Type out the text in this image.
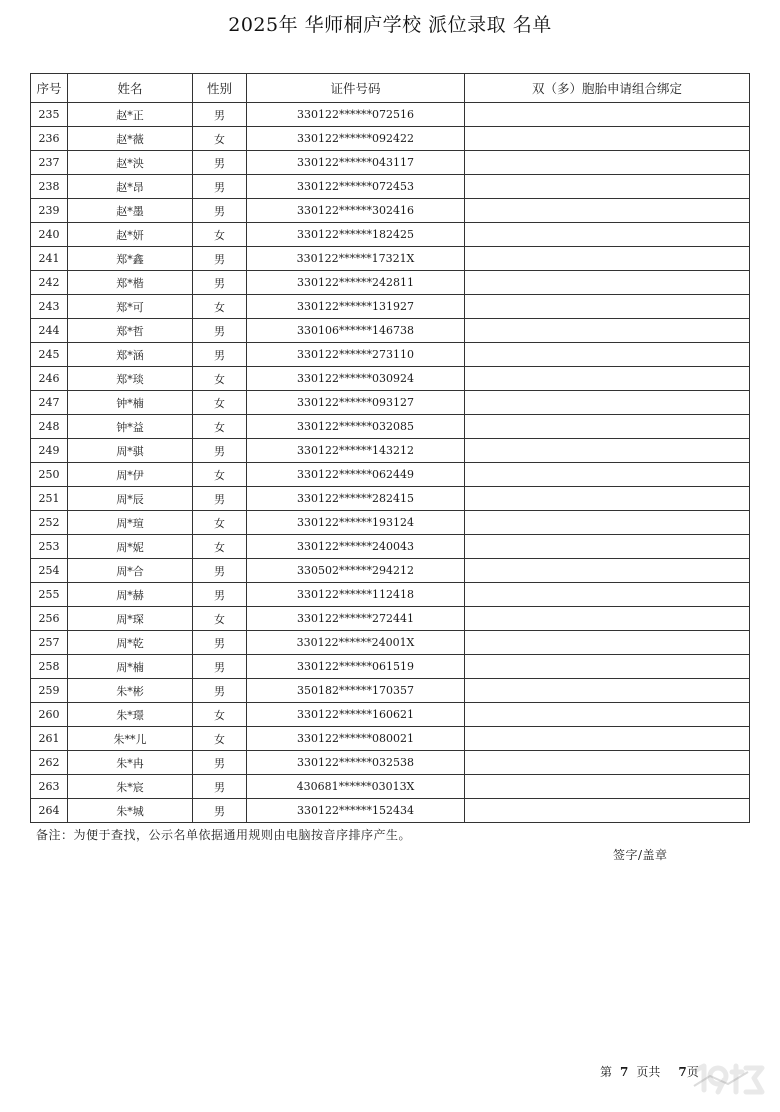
2025年 华师桐庐学校 派位录取 名单
序号	姓名	性别	证件号码	双（多）胞胎申请组合绑定
235	赵*正	男	330122******072516	
236	赵*薇	女	330122******092422	
237	赵*泱	男	330122******043117	
238	赵*昂	男	330122******072453	
239	赵*墨	男	330122******302416	
240	赵*妍	女	330122******182425	
241	郑*鑫	男	330122******17321X	
242	郑*楷	男	330122******242811	
243	郑*可	女	330122******131927	
244	郑*哲	男	330106******146738	
245	郑*涵	男	330122******273110	
246	郑*琰	女	330122******030924	
247	钟*楠	女	330122******093127	
248	钟*益	女	330122******032085	
249	周*骐	男	330122******143212	
250	周*伊	女	330122******062449	
251	周*辰	男	330122******282415	
252	周*瑄	女	330122******193124	
253	周*妮	女	330122******240043	
254	周*合	男	330502******294212	
255	周*赫	男	330122******112418	
256	周*琛	女	330122******272441	
257	周*乾	男	330122******24001X	
258	周*楠	男	330122******061519	
259	朱*彬	男	350182******170357	
260	朱*璟	女	330122******160621	
261	朱**儿	女	330122******080021	
262	朱*冉	男	330122******032538	
263	朱*宸	男	430681******03013X	
264	朱*城	男	330122******152434	
备注：为便于查找，公示名单依据通用规则由电脑按音序排序产生。
签字/盖章
第 7 页共 7 页
